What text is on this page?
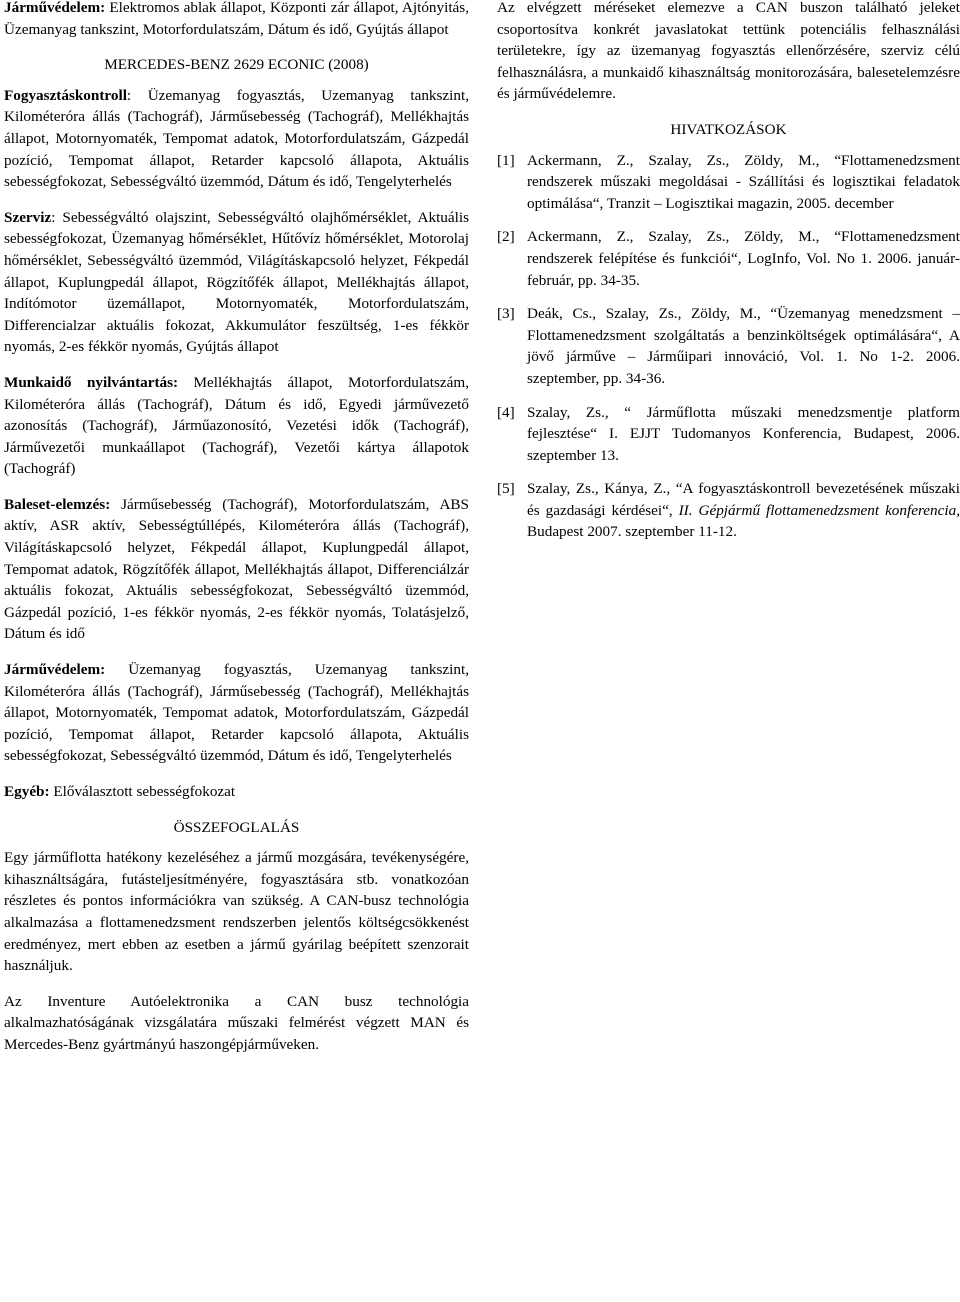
Járművédelem: Elektromos ablak állapot, Központi zár állapot, Ajtónyitás, Üzemanyag tankszint, Motorfordulatszám, Dátum és idő, Gyújtás állapot

MERCEDES-BENZ 2629 ECONIC (2008)

Fogyasztáskontroll: Üzemanyag fogyasztás, Uzemanyag tankszint, Kilométeróra állás (Tachográf), Járműsebesség (Tachográf), Mellékhajtás állapot, Motornyomaték, Tempomat adatok, Motorfordulatszám, Gázpedál pozíció, Tempomat állapot, Retarder kapcsoló állapota, Aktuális sebességfokozat, Sebességváltó üzemmód, Dátum és idő, Tengelyterhelés

Szerviz: Sebességváltó olajszint, Sebességváltó olajhőmérséklet, Aktuális sebességfokozat, Üzemanyag hőmérséklet, Hűtővíz hőmérséklet, Motorolaj hőmérséklet, Sebességváltó üzemmód, Világításkapcsoló helyzet, Fékpedál állapot, Kuplungpedál állapot, Rögzítőfék állapot, Mellékhajtás állapot, Indítómotor üzemállapot, Motornyomaték, Motorfordulatszám, Differencialzar aktuális fokozat, Akkumulátor feszültség, 1-es fékkör nyomás, 2-es fékkör nyomás, Gyújtás állapot

Munkaidő nyilvántartás: Mellékhajtás állapot, Motorfordulatszám, Kilométeróra állás (Tachográf), Dátum és idő, Egyedi járművezető azonosítás (Tachográf), Járműazonosító, Vezetési idők (Tachográf), Járművezetői munkaállapot (Tachográf), Vezetői kártya állapotok (Tachográf)

Baleset-elemzés: Járműsebesség (Tachográf), Motorfordulatszám, ABS aktív, ASR aktív, Sebességtúllépés, Kilométeróra állás (Tachográf), Világításkapcsoló helyzet, Fékpedál állapot, Kuplungpedál állapot, Tempomat adatok, Rögzítőfék állapot, Mellékhajtás állapot, Differenciálzár aktuális fokozat, Aktuális sebességfokozat, Sebességváltó üzemmód, Gázpedál pozíció, 1-es fékkör nyomás, 2-es fékkör nyomás, Tolatásjelző, Dátum és idő

Járművédelem: Üzemanyag fogyasztás, Uzemanyag tankszint, Kilométeróra állás (Tachográf), Járműsebesség (Tachográf), Mellékhajtás állapot, Motornyomaték, Tempomat adatok, Motorfordulatszám, Gázpedál pozíció, Tempomat állapot, Retarder kapcsoló állapota, Aktuális sebességfokozat, Sebességváltó üzemmód, Dátum és idő, Tengelyterhelés

Egyéb: Előválasztott sebességfokozat

ÖSSZEFOGLALÁS

Egy járműflotta hatékony kezeléséhez a jármű mozgására, tevékenységére, kihasználtságára, futásteljesítményére, fogyasztására stb. vonatkozóan részletes és pontos információkra van szükség. A CAN-busz technológia alkalmazása a flottamenedzsment rendszerben jelentős költségcsökkenést eredményez, mert ebben az esetben a jármű gyárilag beépített szenzorait használjuk.

Az Inventure Autóelektronika a CAN busz technológia alkalmazhatóságának vizsgálatára műszaki felmérést végzett MAN és Mercedes-Benz gyártmányú haszongépjárműveken.

Az elvégzett méréseket elemezve a CAN buszon található jeleket csoportosítva konkrét javaslatokat tettünk potenciális felhasználási területekre, így az üzemanyag fogyasztás ellenőrzésére, szerviz célú felhasználásra, a munkaidő kihasználtság monitorozására, balesetelemzésre és járművédelemre.

HIVATKOZÁSOK

[1] Ackermann, Z., Szalay, Zs., Zöldy, M., “Flottamenedzsment rendszerek műszaki megoldásai - Szállítási és logisztikai feladatok optimálása“, Tranzit – Logisztikai magazin, 2005. december
[2] Ackermann, Z., Szalay, Zs., Zöldy, M., “Flottamenedzsment rendszerek felépítése és funkciói“, LogInfo, Vol. No 1. 2006. január-február, pp. 34-35.
[3] Deák, Cs., Szalay, Zs., Zöldy, M., “Üzemanyag menedzsment – Flottamenedzsment szolgáltatás a benzinköltségek optimálására“, A jövő járműve – Járműipari innováció, Vol. 1. No 1-2. 2006. szeptember, pp. 34-36.
[4] Szalay, Zs., “ Járműflotta műszaki menedzsmentje platform fejlesztése“ I. EJJT Tudomanyos Konferencia, Budapest, 2006. szeptember 13.
[5] Szalay, Zs., Kánya, Z., “A fogyasztáskontroll bevezetésének műszaki és gazdasági kérdései“, II. Gépjármű flottamenedzsment konferencia, Budapest 2007. szeptember 11-12.
